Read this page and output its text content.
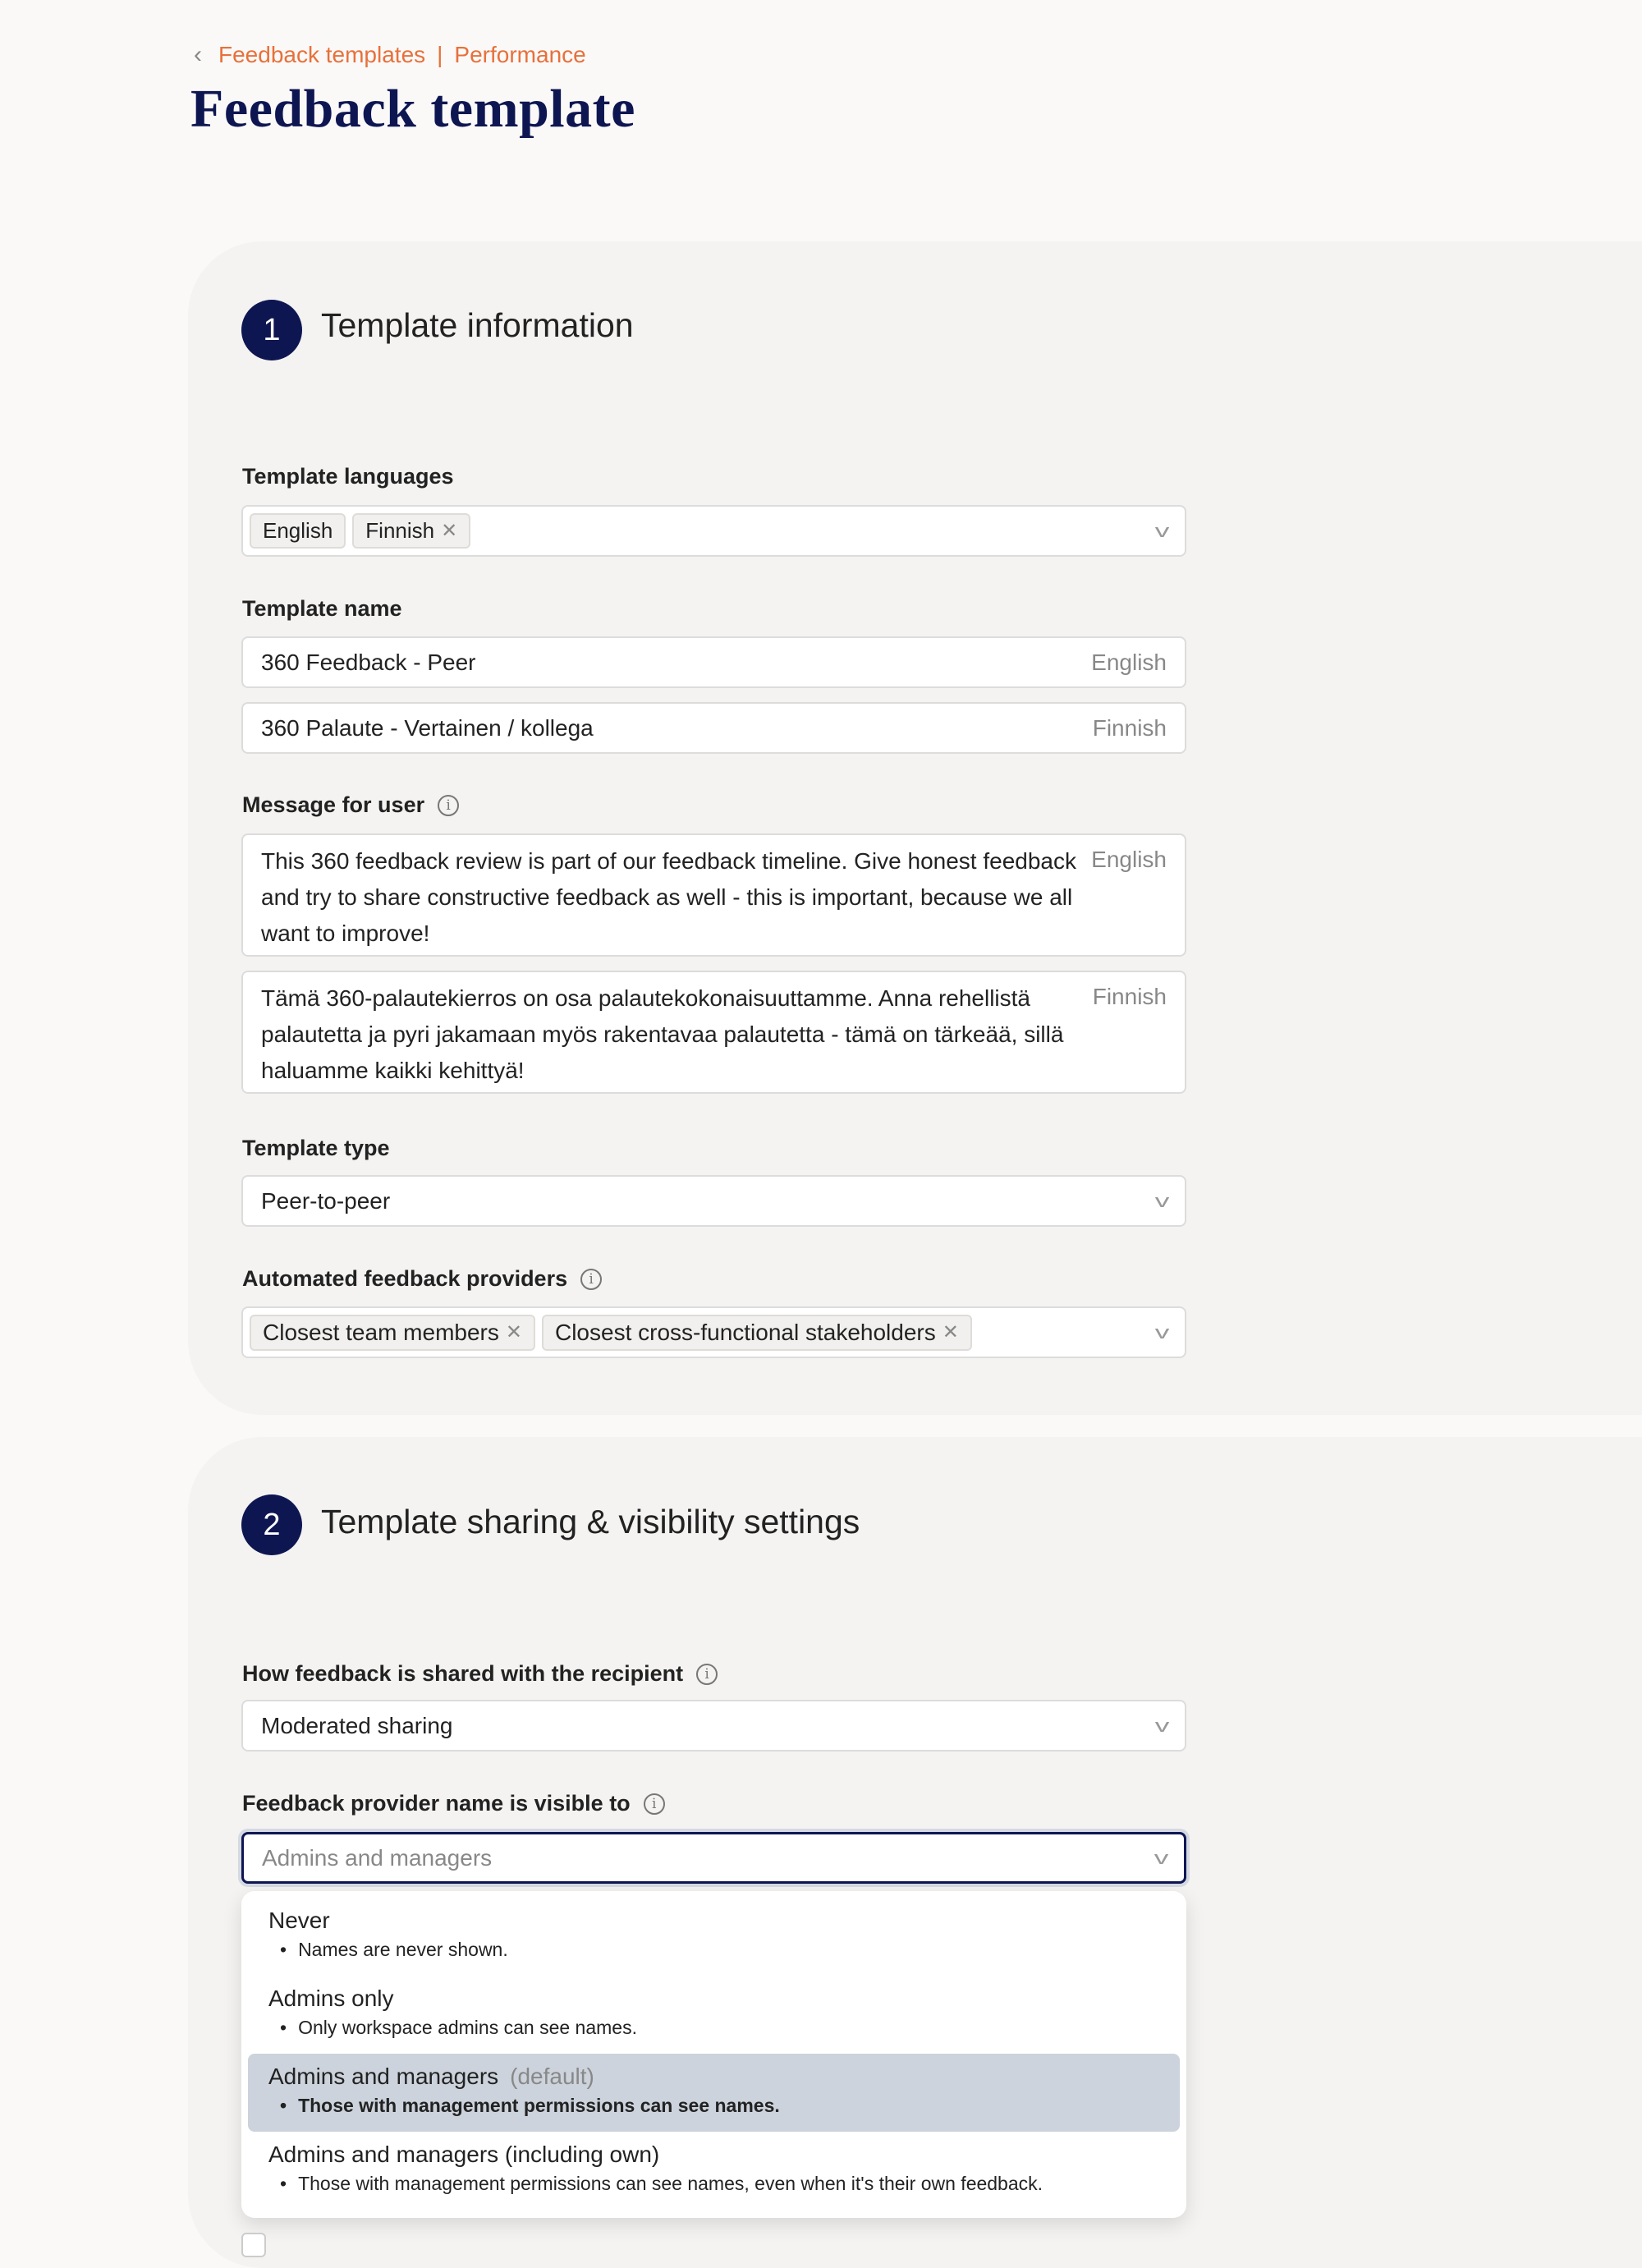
‹ Feedback templates | Performance
Feedback template
1	Template information
Template languages
English Finnish ✕	v
Template name
360 Feedback - Peer	English
360 Palaute - Vertainen / kollega	Finnish
Message for user	i
This 360 feedback review is part of our feedback timeline. Give honest feedback and try to share constructive feedback as well - this is important, because we all want to improve!
English
Tämä 360-palautekierros on osa palautekokonaisuuttamme. Anna rehellistä palautetta ja pyri jakamaan myös rakentavaa palautetta - tämä on tärkeää, sillä haluamme kaikki kehittyä!
Finnish
Template type
Peer-to-peer	v
Automated feedback providers	i
Closest team members ✕ Closest cross-functional stakeholders ✕	v
2	Template sharing & visibility settings
How feedback is shared with the recipient	i
Moderated sharing	v
Feedback provider name is visible to	i
Admins and managers	v
Never
• Names are never shown.
Admins only
• Only workspace admins can see names.
Admins and managers (default)
• Those with management permissions can see names.
Admins and managers (including own)
• Those with management permissions can see names, even when it's their own feedback.
